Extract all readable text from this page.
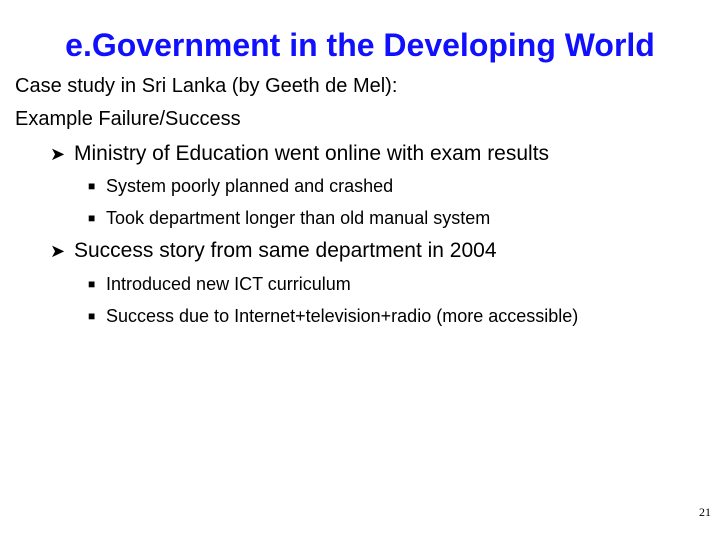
e.Government in the Developing World
Case study in Sri Lanka (by Geeth de Mel):
Example Failure/Success
➤ Ministry of Education went online with exam results
■ System poorly planned and crashed
■ Took department longer than old manual system
➤ Success story from same department in 2004
■ Introduced new ICT curriculum
■ Success due to Internet+television+radio (more accessible)
21
